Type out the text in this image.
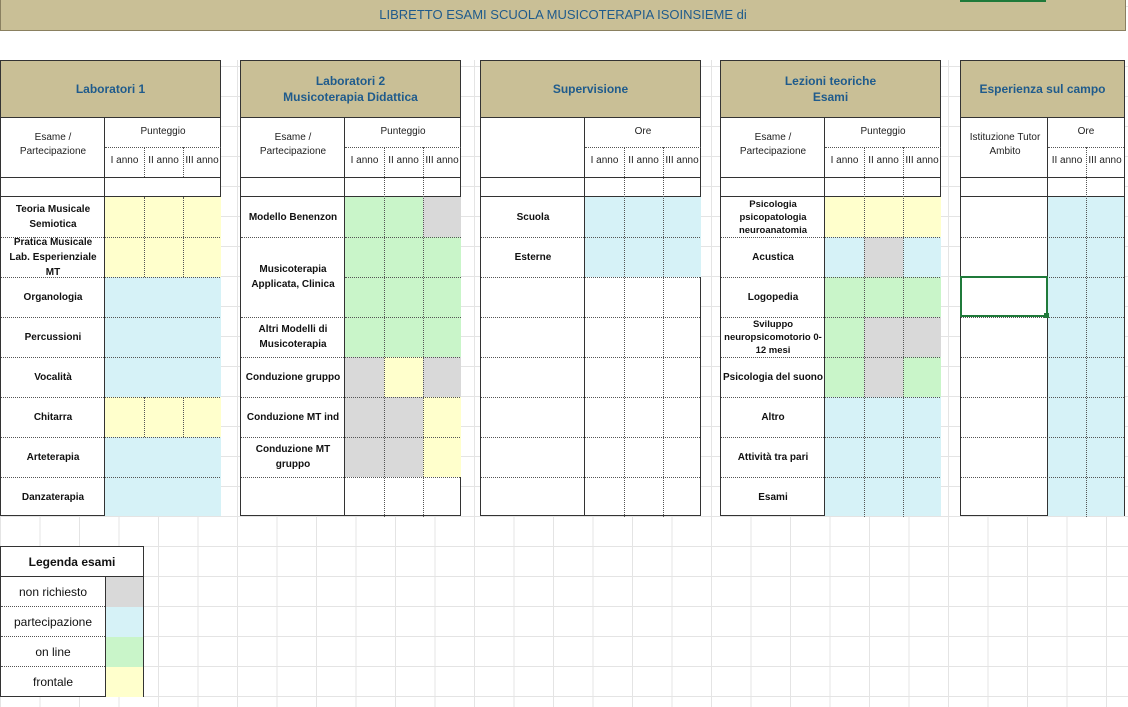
LIBRETTO ESAMI SCUOLA MUSICOTERAPIA ISOINSIEME di
Laboratori 1
Esame / Partecipazione
Punteggio
I anno II anno III anno
Teoria Musicale Semiotica
Pratica Musicale Lab. Esperienziale MT
Organologia
Percussioni
Vocalità
Chitarra
Arteterapia
Danzaterapia
Laboratori 2
Musicoterapia Didattica
Esame / Partecipazione
Punteggio
I anno II anno III anno
Modello Benenzon
Musicoterapia Applicata, Clinica
Altri Modelli di Musicoterapia
Conduzione gruppo
Conduzione MT ind
Conduzione MT gruppo
Supervisione
Ore
I anno II anno III anno
Scuola
Esterne
Lezioni teoriche
Esami
Esame / Partecipazione
Punteggio
I anno II anno III anno
Psicologia psicopatologia neuroanatomia
Acustica
Logopedia
Sviluppo neuropsicomotorio 0-12 mesi
Psicologia del suono
Altro
Attività tra pari
Esami
Esperienza sul campo
Istituzione Tutor Ambito
Ore
II anno III anno
Legenda esami
non richiesto
partecipazione
on line
frontale
